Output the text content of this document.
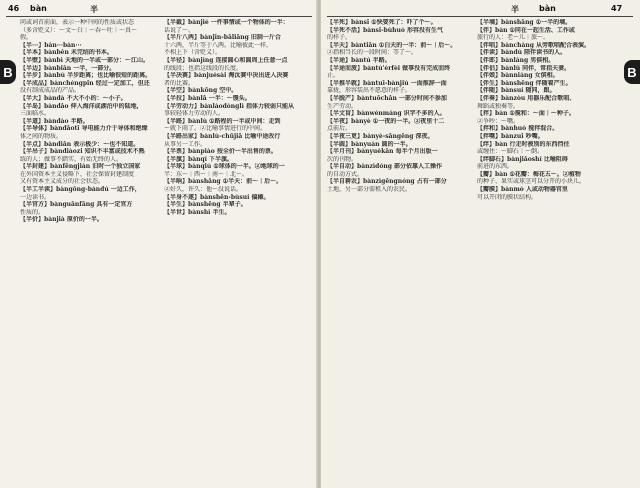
46 bàn	半
B
问或词首前面，表示一种中间的性质或状态
（多含贬义）：～文～白｜～吞～吐｜～真～
假。
【半···】bàn···bàn···
【半本】bànběn 未完结的书本。
【半壁】bànbì 天地的一半或一部分：～江山。
【半边】bànbiān 一半，一部分。
【半步】bànbù 半步距离；也比喻很短的距离。
【半成品】bànchéngpǐn 经过一定加工，但还
没有制成成品的产品。
【半大】bàndà 不大不小的：～小子。
【半岛】bàndǎo 伸入海洋或湖泊中的陆地，
三面临水。
【半道】bàndào 半路。
【半导体】bàndǎotǐ 导电能力介于导体和绝缘
体之间的物质。
【半点】bàndiǎn 表示极少：～也不知道。
【半吊子】bàndiàozi 知识不丰富或技术不熟
练的人；做事不踏实、有始无终的人。
【半封建】bànfēngjiàn 旧时一个独立国家
在外国资本主义侵略下，社会保留封建制度
又有资本主义成分的社会状态。
【半工半读】bàngōng-bàndú 一边工作，
一边读书。
【半官方】bànguānfāng 具有一定官方
性质的。
【半价】bànjià 原价的一半。
【半截】bànjié 一件事情或一个物体的一半：
话说了～。
【半斤八两】bànjīn-bāliǎng 旧制一斤合
十六两，半斤等于八两。比喻彼此一样，
不相上下（含贬义）。
【半径】bànjìng 连接圆心和圆周上任意一点
的线段；也指这线段的长度。
【半决赛】bànjuésài 淘汰赛中决出进入决赛
者的比赛。
【半空】bànkōng 空中。
【半拉】bànlǎ 一半：～馒头。
【半劳动力】bànláodònglì 指体力较弱只能从
事较轻体力劳动的人。
【半路】bànlù ①路程的一半或中间：走到
～就下雨了。②比喻事情进行的中间。
【半路出家】bànlù-chūjiā 比喻中途改行
从事另一工作。
【半票】bànpiào 按全价一半出售的票。
【半旗】bànqí 下半旗。
【半球】bànqiú ①球体的一半。②地球的一
半：东～｜西～｜南～｜北～。
【半晌】bànshǎng ①半天：前～｜后～。
②好久，许久：他～没说话。
【半身不遂】bànshēn-bùsuí 偏瘫。
【半生】bànshēng 半辈子。
【半世】bànshì 半生。
半	bàn	47
B
【半死】bànsǐ ①快要死了：吓了个～。
【半死不活】bànsǐ-bùhuó 形容没有生气
的样子。
【半天】bàntiān ①白天的一半：前～｜后～。
②指相当长的一段时间：等了～。
【半途】bàntú 半路。
【半途而废】bàntú'érfèi 做事没有完成而终
止。
【半推半就】bàntuī-bànjiù 一面推辞一面
靠拢，形容装出不愿意的样子。
【半脱产】bàntuōchǎn 一部分时间不参加
生产劳动。
【半文盲】bànwénmáng 识字不多的人。
【半夜】bànyè ①一夜的一半。②夜里十二
点前后。
【半夜三更】bànyè-sāngēng 深夜。
【半圆】bànyuán 圆的一半。
【半月刊】bànyuèkān 每半个月出版一
次的刊物。
【半自动】bànzìdòng 部分依靠人工操作
的自动方式。
【半自耕农】bànzìgēngnóng 占有一部分
土地，另一部分需租入的农民。
【半墒】bànshāng ①一半的墒。
【伴】bàn ①同在一起生活、工作或
旅行的人：老～儿｜旅～。
【伴唱】bànchàng 从旁歌唱配合表演。
【伴读】bàndú 陪伴读书的人。
【伴郎】bànláng 男傧相。
【伴侣】bànlǚ 同伴，常指夫妻。
【伴娘】bànniáng 女傧相。
【伴生】bànshēng 伴随着产生。
【伴随】bànsuí 随同，跟。
【伴奏】bànzòu 用器乐配合歌唱、
舞蹈或独奏等。
【拌】bàn ①搅和：～面｜～种子。
②争吵：～嘴。
【拌和】bànhuò 搅拌混合。
【拌嘴】bànzuǐ 吵嘴。
【绊】bàn 行走时被别的东西挡住
或缠住：～脚石｜～倒。
【绊脚石】bànjiǎoshí 比喻阻碍
前进的东西。
【瓣】bàn ①花瓣：梅花五～。②植物
的种子、果实或球茎可以分开的小块儿。
【瓣膜】bànmó 人或动物器官里
可以开闭的膜状结构。
